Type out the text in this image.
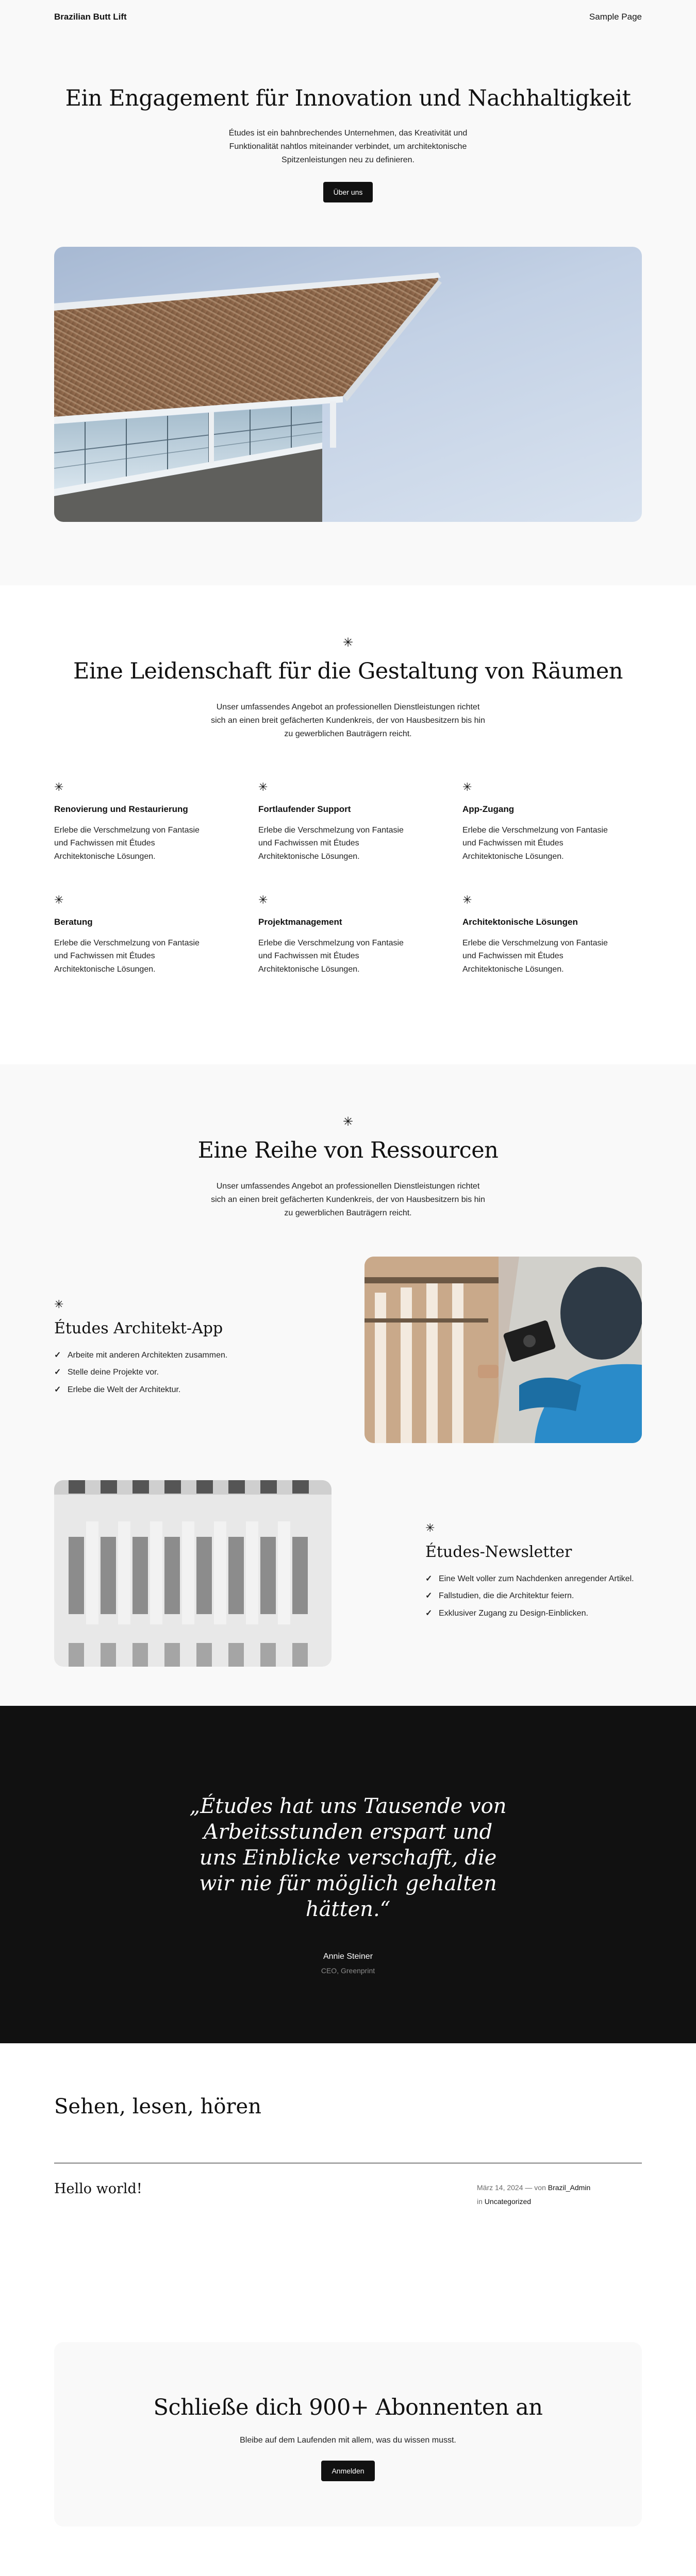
Brazilian Butt Lift	Sample Page
Ein Engagement für Innovation und Nachhaltigkeit

Études ist ein bahnbrechendes Unternehmen, das Kreativität und Funktionalität nahtlos miteinander verbindet, um architektonische Spitzenleistungen neu zu definieren.

Über uns
✳
Eine Leidenschaft für die Gestaltung von Räumen

Unser umfassendes Angebot an professionellen Dienstleistungen richtet sich an einen breit gefächerten Kundenkreis, der von Hausbesitzern bis hin zu gewerblichen Bauträgern reicht.

✳
Renovierung und Restaurierung

Erlebe die Verschmelzung von Fantasie und Fachwissen mit Études Architektonische Lösungen.

✳
Fortlaufender Support

Erlebe die Verschmelzung von Fantasie und Fachwissen mit Études Architektonische Lösungen.

✳
App-Zugang

Erlebe die Verschmelzung von Fantasie und Fachwissen mit Études Architektonische Lösungen.

✳
Beratung

Erlebe die Verschmelzung von Fantasie und Fachwissen mit Études Architektonische Lösungen.

✳
Projektmanagement

Erlebe die Verschmelzung von Fantasie und Fachwissen mit Études Architektonische Lösungen.

✳
Architektonische Lösungen

Erlebe die Verschmelzung von Fantasie und Fachwissen mit Études Architektonische Lösungen.

✳
Eine Reihe von Ressourcen

Unser umfassendes Angebot an professionellen Dienstleistungen richtet sich an einen breit gefächerten Kundenkreis, der von Hausbesitzern bis hin zu gewerblichen Bauträgern reicht.

✳
Études Architekt-App
✓ Arbeite mit anderen Architekten zusammen.
✓ Stelle deine Projekte vor.
✓ Erlebe die Welt der Architektur.
✳
Études-Newsletter
✓ Eine Welt voller zum Nachdenken anregender Artikel.
✓ Fallstudien, die die Architektur feiern.
✓ Exklusiver Zugang zu Design-Einblicken.

„Études hat uns Tausende von Arbeitsstunden erspart und uns Einblicke verschafft, die wir nie für möglich gehalten hätten.“

Annie Steiner

CEO, Greenprint

Sehen, lesen, hören
Hello world!	März 14, 2024 — von Brazil_Admin
in Uncategorized
Schließe dich 900+ Abonnenten an

Bleibe auf dem Laufenden mit allem, was du wissen musst.

Anmelden
